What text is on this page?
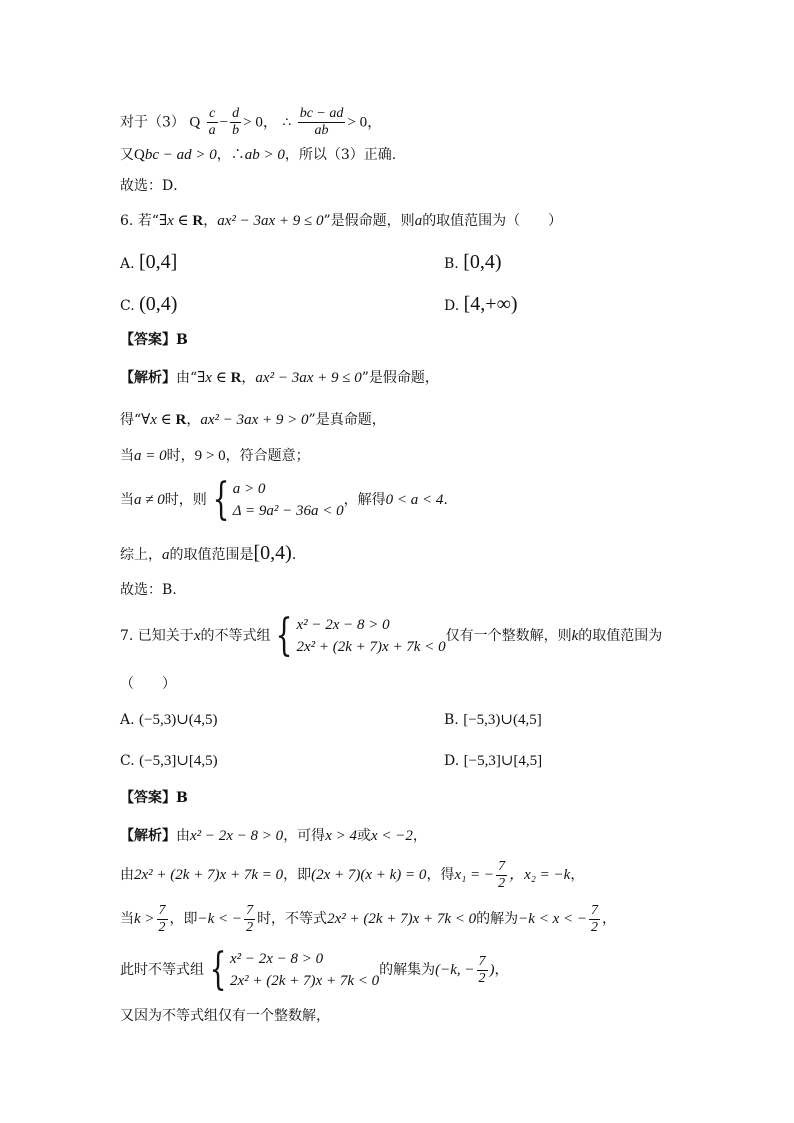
对于（3） Q $\frac{c}{a} - \frac{d}{b} > 0$， ∴ $\frac{bc - ad}{ab} > 0$，
又Qbc − ad > 0，∴ab > 0，所以（3）正确.
故选：D．
6. 若“∃x ∈ R，ax² − 3ax + 9 ≤ 0”是假命题，则a的取值范围为（　　）
A. [0,4]	B. [0,4)
C. (0,4)	D. [4,+∞)
【答案】B
【解析】由“∃x ∈ R，ax² − 3ax + 9 ≤ 0”是假命题，
得“∀x ∈ R，ax² − 3ax + 9 > 0”是真命题，
当a = 0时，9 > 0，符合题意；
当a ≠ 0时，则 { a > 0
Δ = 9a² − 36a < 0
，解得0 < a < 4.
综上，a的取值范围是[0,4).
故选：B.
7. 已知关于x的不等式组 { x² − 2x − 8 > 0
2x² + (2k + 7)x + 7k < 0
仅有一个整数解，则k的取值范围为
（　　）
A. (−5,3)∪(4,5)	B. [−5,3)∪(4,5]
C. (−5,3]∪[4,5)	D. [−5,3]∪[4,5]
【答案】B
【解析】由x² − 2x − 8 > 0，可得x > 4或x < −2，
由2x² + (2k + 7)x + 7k = 0，即(2x + 7)(x + k) = 0，得x₁ = − $\frac{7}{2}$ ，x₂ = −k，
当$k > \frac{7}{2}$ ，即−k < − $\frac{7}{2}$ 时，不等式2x² + (2k + 7)x + 7k < 0的解为−k < x < − $\frac{7}{2}$ ，
此时不等式组 { x² − 2x − 8 > 0
2x² + (2k + 7)x + 7k < 0
的解集为(−k, − $\frac{7}{2}$ )，
又因为不等式组仅有一个整数解，
